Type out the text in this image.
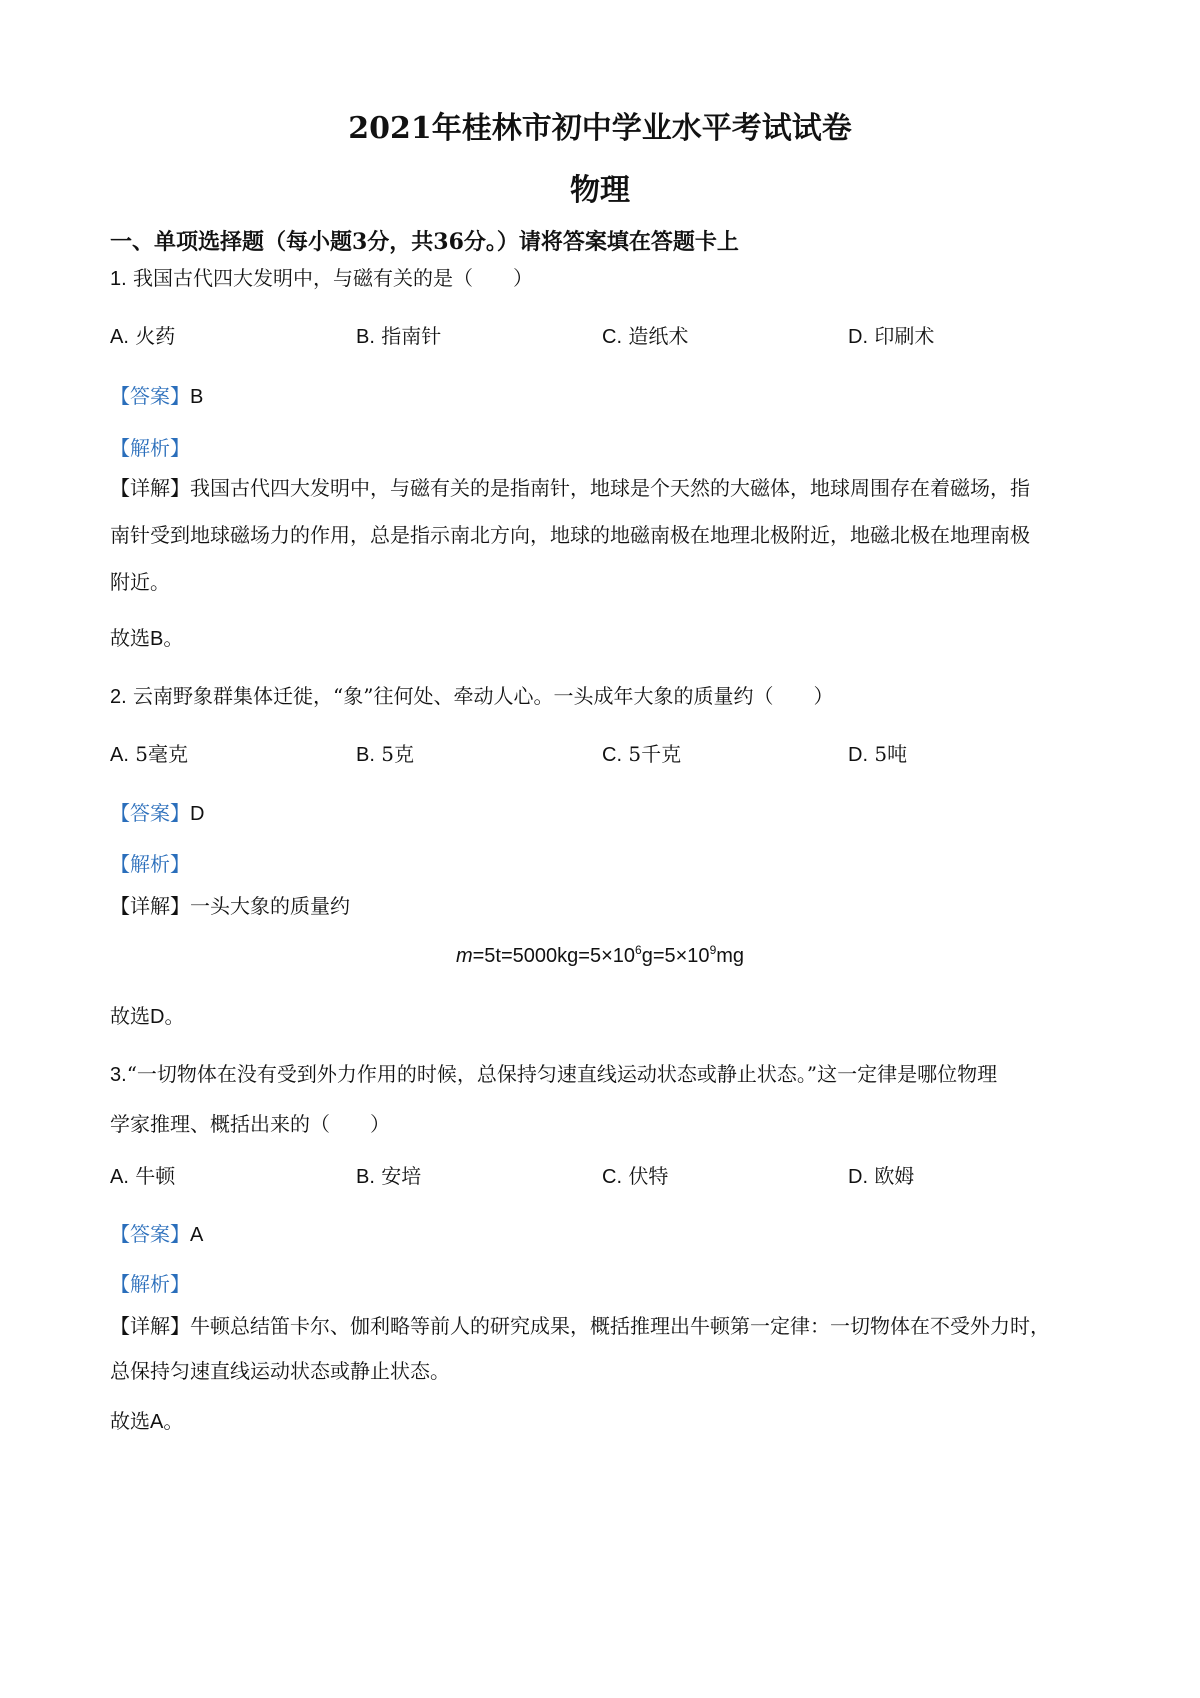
2021年桂林市初中学业水平考试试卷
物理
一、单项选择题（每小题3分，共36分。）请将答案填在答题卡上
1. 我国古代四大发明中，与磁有关的是（　　）
A. 火药	B. 指南针	C. 造纸术	D. 印刷术
【答案】B
【解析】
【详解】我国古代四大发明中，与磁有关的是指南针，地球是个天然的大磁体，地球周围存在着磁场，指
南针受到地球磁场力的作用，总是指示南北方向，地球的地磁南极在地理北极附近，地磁北极在地理南极
附近。
故选B。
2. 云南野象群集体迁徙，“象”往何处、牵动人心。一头成年大象的质量约（　　）
A. 5毫克	B. 5克	C. 5千克	D. 5吨
【答案】D
【解析】
【详解】一头大象的质量约
$m=5t=5000kg=5\times 10^6g=5\times 10^9mg$
故选D。
3.“一切物体在没有受到外力作用的时候，总保持匀速直线运动状态或静止状态。”这一定律是哪位物理
学家推理、概括出来的（　　）
A. 牛顿	B. 安培	C. 伏特	D. 欧姆
【答案】A
【解析】
【详解】牛顿总结笛卡尔、伽利略等前人的研究成果，概括推理出牛顿第一定律：一切物体在不受外力时，
总保持匀速直线运动状态或静止状态。
故选A。
